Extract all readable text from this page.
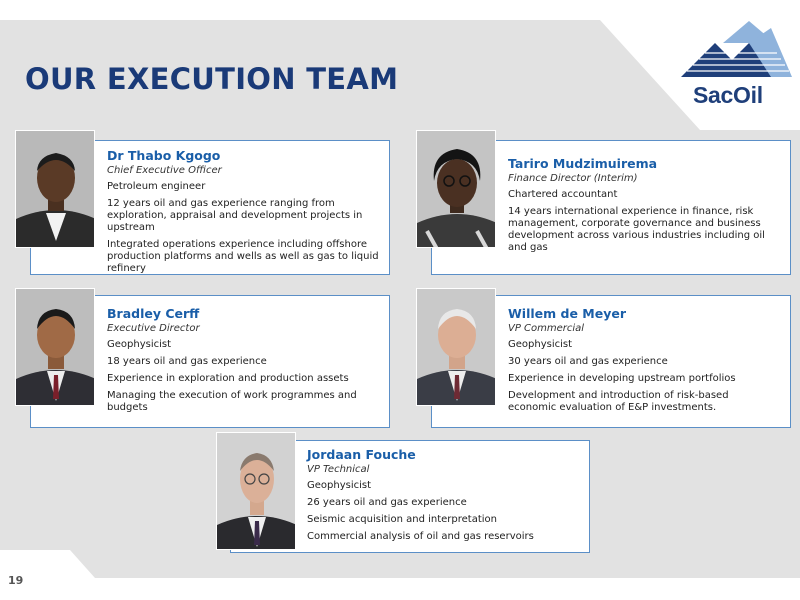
OUR EXECUTION TEAM	SacOil
Dr Thabo Kgogo
Chief Executive Officer
Petroleum engineer
12 years oil and gas experience ranging from exploration, appraisal and development projects in upstream
Integrated operations experience including offshore production platforms and wells as well as gas to liquid refinery
Tariro Mudzimuirema
Finance Director (Interim)
Chartered accountant
14 years international experience in finance, risk management, corporate governance and business development across various industries including oil and gas
Bradley Cerff
Executive Director
Geophysicist
18 years oil and gas experience
Experience in exploration and production assets
Managing the execution of work programmes and budgets
Willem de Meyer
VP Commercial
Geophysicist
30 years oil and gas experience
Experience in developing upstream portfolios
Development and introduction of risk-based economic evaluation of E&P investments.
Jordaan Fouche
VP Technical
Geophysicist
26 years oil and gas experience
Seismic acquisition and interpretation
Commercial analysis of oil and gas reservoirs
19
